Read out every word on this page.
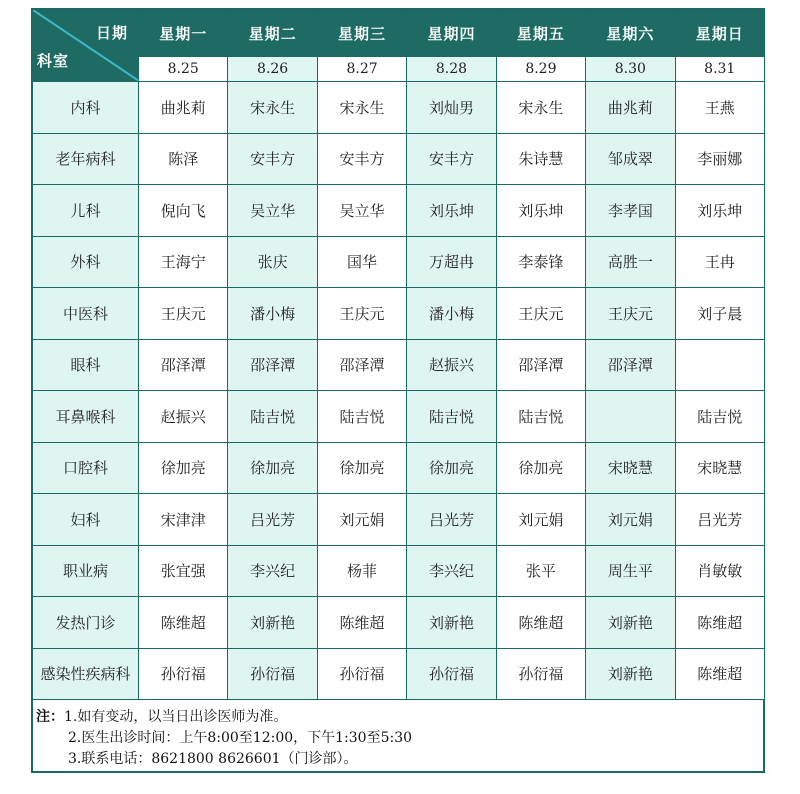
日期
科室	星期一	星期二	星期三	星期四	星期五	星期六	星期日
	8.25	8.26	8.27	8.28	8.29	8.30	8.31
内科	曲兆莉	宋永生	宋永生	刘灿男	宋永生	曲兆莉	王燕
老年病科	陈泽	安丰方	安丰方	安丰方	朱诗慧	邹成翠	李丽娜
儿科	倪向飞	吴立华	吴立华	刘乐坤	刘乐坤	李孝国	刘乐坤
外科	王海宁	张庆	国华	万超冉	李泰锋	高胜一	王冉
中医科	王庆元	潘小梅	王庆元	潘小梅	王庆元	王庆元	刘子晨
眼科	邵泽潭	邵泽潭	邵泽潭	赵振兴	邵泽潭	邵泽潭	
耳鼻喉科	赵振兴	陆吉悦	陆吉悦	陆吉悦	陆吉悦		陆吉悦
口腔科	徐加亮	徐加亮	徐加亮	徐加亮	徐加亮	宋晓慧	宋晓慧
妇科	宋津津	吕光芳	刘元娟	吕光芳	刘元娟	刘元娟	吕光芳
职业病	张宜强	李兴纪	杨菲	李兴纪	张平	周生平	肖敏敏
发热门诊	陈维超	刘新艳	陈维超	刘新艳	陈维超	刘新艳	陈维超
感染性疾病科	孙衍福	孙衍福	孙衍福	孙衍福	孙衍福	刘新艳	陈维超
注：1.如有变动，以当日出诊医师为准。
2.医生出诊时间：上午8:00至12:00，下午1:30至5:30
3.联系电话：8621800 8626601（门诊部）。
